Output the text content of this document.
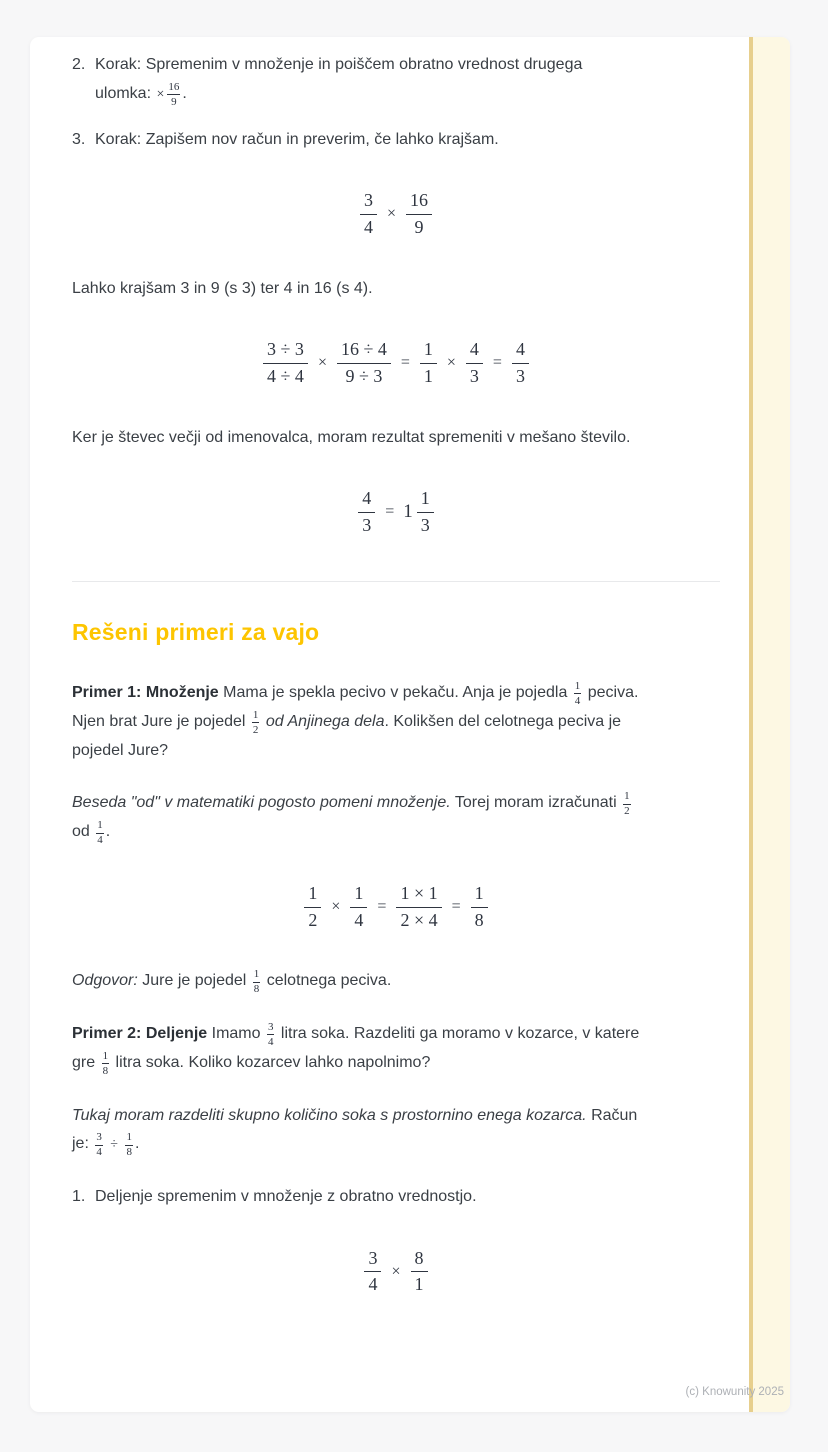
2. Korak: Spremenim v množenje in poiščem obratno vrednost drugega
ulomka: × $\frac{16}{9}$ .
3. Korak: Zapišem nov račun in preverim, če lahko krajšam.
$\frac{3}{4} \times \frac{16}{9}$

Lahko krajšam 3 in 9 (s 3) ter 4 in 16 (s 4).

$\frac{3 \div 3}{4 \div 4} \times \frac{16 \div 4}{9 \div 3} = \frac{1}{1} \times \frac{4}{3} = \frac{4}{3}$

Ker je števec večji od imenovalca, moram rezultat spremeniti v mešano število.

$\frac{4}{3} = 1 \frac{1}{3}$
Rešeni primeri za vajo

Primer 1: Množenje Mama je spekla pecivo v pekaču. Anja je pojedla $\frac{1}{4}$ peciva.
Njen brat Jure je pojedel $\frac{1}{2}$ od Anjinega dela. Kolikšen del celotnega peciva je
pojedel Jure?

Beseda "od" v matematiki pogosto pomeni množenje. Torej moram izračunati $\frac{1}{2}$

od $\frac{1}{4}$ .

$\frac{1}{2} \times \frac{1}{4} = \frac{1 \times 1}{2 \times 4} = \frac{1}{8}$

Odgovor: Jure je pojedel $\frac{1}{8}$ celotnega peciva.

Primer 2: Deljenje Imamo $\frac{3}{4}$ litra soka. Razdeliti ga moramo v kozarce, v katere
gre $\frac{1}{8}$ litra soka. Koliko kozarcev lahko napolnimo?

Tukaj moram razdeliti skupno količino soka s prostornino enega kozarca. Račun
je: $\frac{3}{4} \div \frac{1}{8}$ .

1. Deljenje spremenim v množenje z obratno vrednostjo.
$\frac{3}{4} \times \frac{8}{1}$
(c) Knowunity 2025
